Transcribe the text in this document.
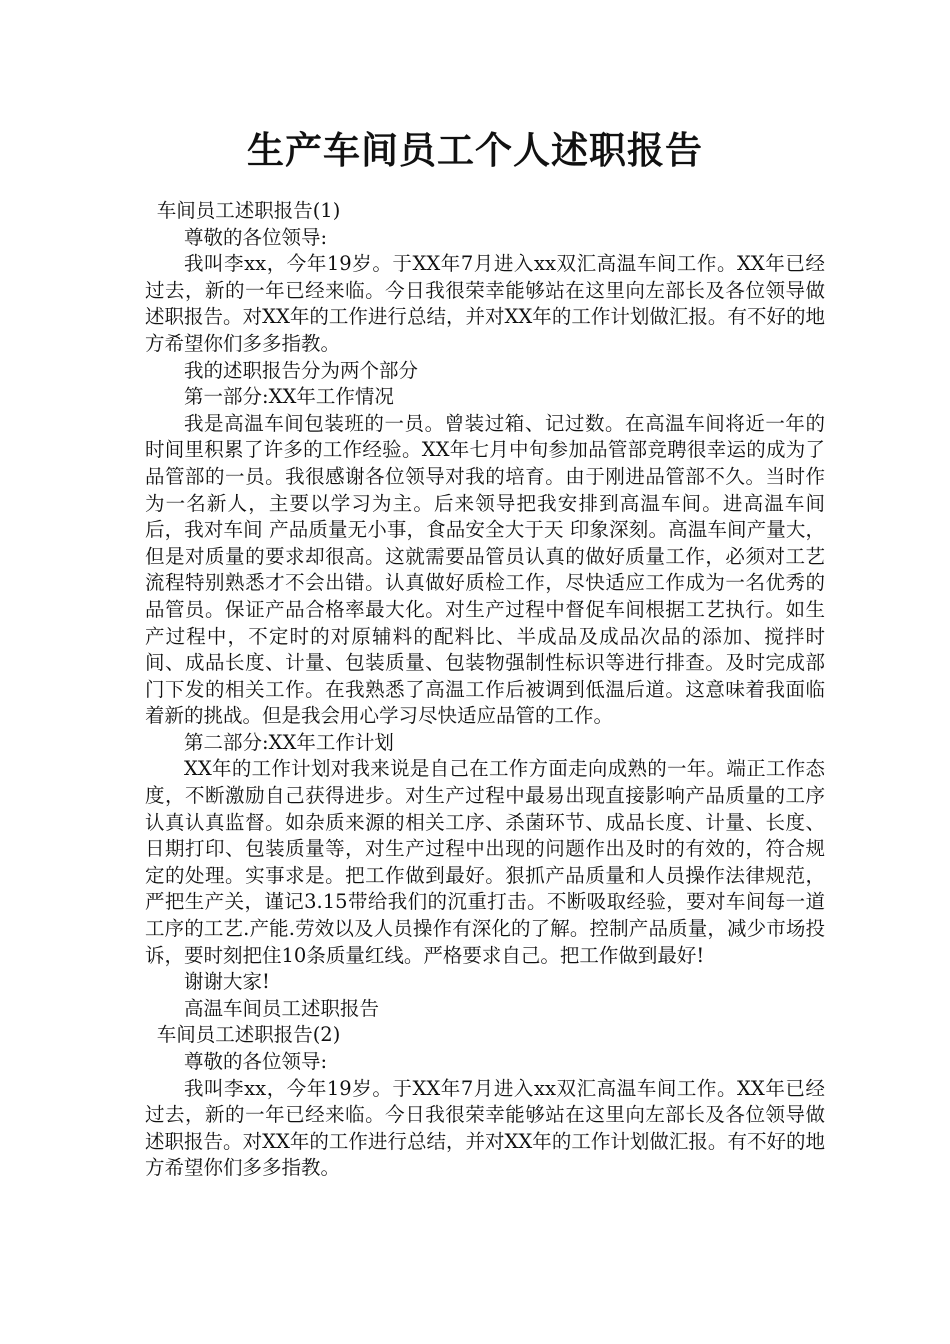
生产车间员工个人述职报告

车间员工述职报告(1)

尊敬的各位领导:

我叫李xx，今年19岁。于XX年7月进入xx双汇高温车间工作。XX年已经过去，新的一年已经来临。今日我很荣幸能够站在这里向左部长及各位领导做述职报告。对XX年的工作进行总结，并对XX年的工作计划做汇报。有不好的地方希望你们多多指教。

我的述职报告分为两个部分

第一部分:XX年工作情况

我是高温车间包装班的一员。曾装过箱、记过数。在高温车间将近一年的时间里积累了许多的工作经验。XX年七月中旬参加品管部竞聘很幸运的成为了品管部的一员。我很感谢各位领导对我的培育。由于刚进品管部不久。当时作为一名新人，主要以学习为主。后来领导把我安排到高温车间。进高温车间后，我对车间 产品质量无小事，食品安全大于天 印象深刻。高温车间产量大，但是对质量的要求却很高。这就需要品管员认真的做好质量工作，必须对工艺流程特别熟悉才不会出错。认真做好质检工作，尽快适应工作成为一名优秀的品管员。保证产品合格率最大化。对生产过程中督促车间根据工艺执行。如生产过程中，不定时的对原辅料的配料比、半成品及成品次品的添加、搅拌时间、成品长度、计量、包装质量、包装物强制性标识等进行排查。及时完成部门下发的相关工作。在我熟悉了高温工作后被调到低温后道。这意味着我面临着新的挑战。但是我会用心学习尽快适应品管的工作。

第二部分:XX年工作计划

XX年的工作计划对我来说是自己在工作方面走向成熟的一年。端正工作态度，不断激励自己获得进步。对生产过程中最易出现直接影响产品质量的工序认真认真监督。如杂质来源的相关工序、杀菌环节、成品长度、计量、长度、日期打印、包装质量等，对生产过程中出现的问题作出及时的有效的，符合规定的处理。实事求是。把工作做到最好。狠抓产品质量和人员操作法律规范，严把生产关，谨记3.15带给我们的沉重打击。不断吸取经验，要对车间每一道工序的工艺.产能.劳效以及人员操作有深化的了解。控制产品质量，减少市场投诉，要时刻把住10条质量红线。严格要求自己。把工作做到最好!

谢谢大家!

高温车间员工述职报告

车间员工述职报告(2)

尊敬的各位领导:

我叫李xx，今年19岁。于XX年7月进入xx双汇高温车间工作。XX年已经过去，新的一年已经来临。今日我很荣幸能够站在这里向左部长及各位领导做述职报告。对XX年的工作进行总结，并对XX年的工作计划做汇报。有不好的地方希望你们多多指教。
